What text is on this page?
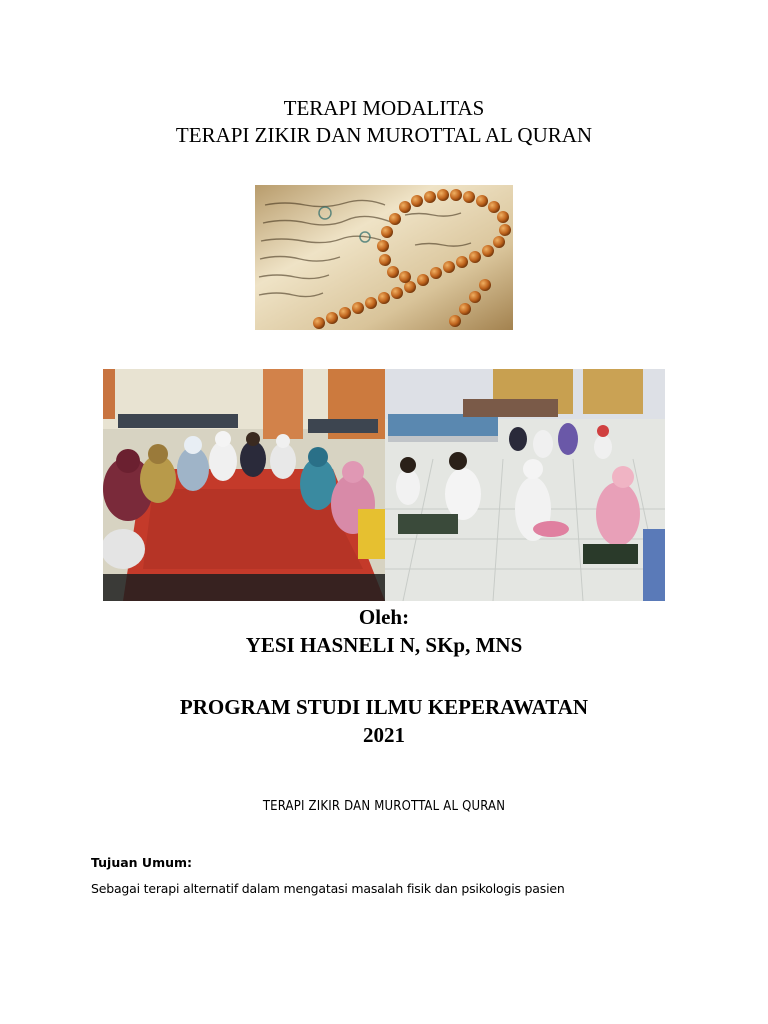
TERAPI MODALITAS
TERAPI ZIKIR DAN MUROTTAL AL QURAN
Oleh:
YESI HASNELI N, SKp, MNS
PROGRAM STUDI ILMU KEPERAWATAN
2021
TERAPI ZIKIR DAN MUROTTAL AL QURAN
Tujuan Umum:
Sebagai terapi alternatif dalam mengatasi masalah fisik dan psikologis pasien
